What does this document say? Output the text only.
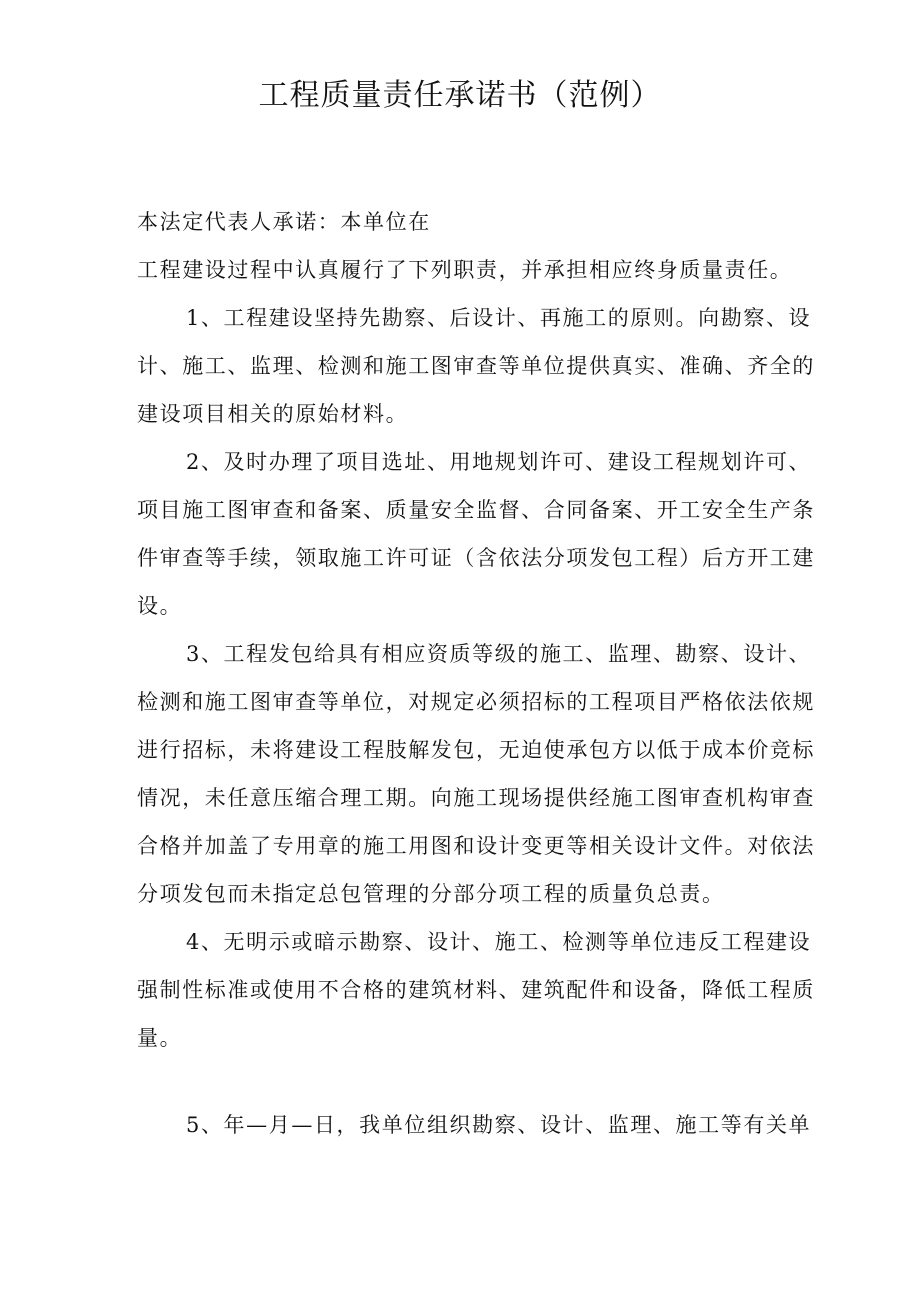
工程质量责任承诺书（范例）
本法定代表人承诺：本单位在
工程建设过程中认真履行了下列职责，并承担相应终身质量责任。
1、工程建设坚持先勘察、后设计、再施工的原则。向勘察、设
计、施工、监理、检测和施工图审查等单位提供真实、准确、齐全的
建设项目相关的原始材料。
2、及时办理了项目选址、用地规划许可、建设工程规划许可、
项目施工图审查和备案、质量安全监督、合同备案、开工安全生产条
件审查等手续，领取施工许可证（含依法分项发包工程）后方开工建
设。
3、工程发包给具有相应资质等级的施工、监理、勘察、设计、
检测和施工图审查等单位，对规定必须招标的工程项目严格依法依规
进行招标，未将建设工程肢解发包，无迫使承包方以低于成本价竞标
情况，未任意压缩合理工期。向施工现场提供经施工图审查机构审查
合格并加盖了专用章的施工用图和设计变更等相关设计文件。对依法
分项发包而未指定总包管理的分部分项工程的质量负总责。
4、无明示或暗示勘察、设计、施工、检测等单位违反工程建设
强制性标准或使用不合格的建筑材料、建筑配件和设备，降低工程质
量。
5、年—月—日，我单位组织勘察、设计、监理、施工等有关单
